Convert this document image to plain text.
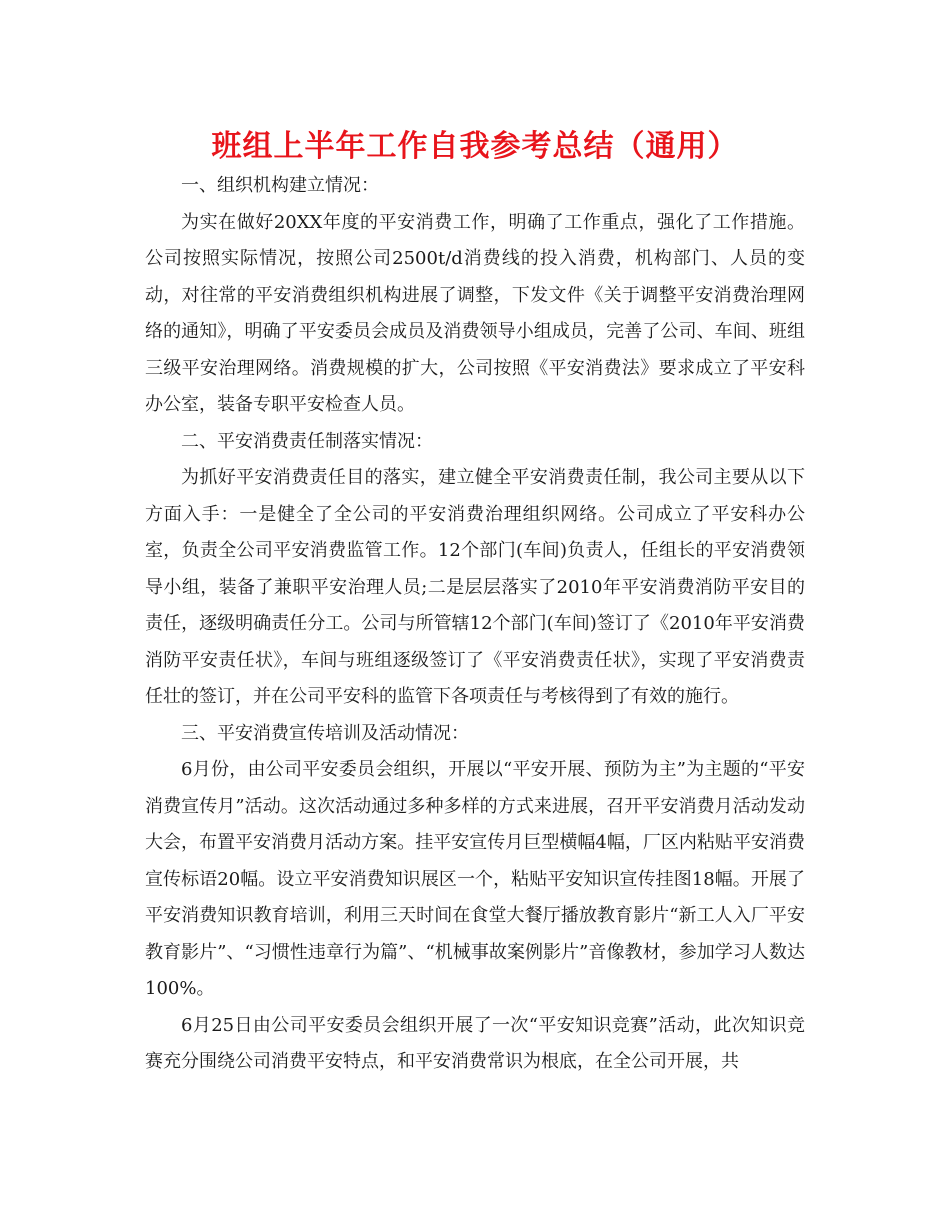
班组上半年工作自我参考总结（通用）

一、组织机构建立情况：

为实在做好20XX年度的平安消费工作，明确了工作重点，强化了工作措施。公司按照实际情况，按照公司2500t/d消费线的投入消费，机构部门、人员的变动，对往常的平安消费组织机构进展了调整，下发文件《关于调整平安消费治理网络的通知》，明确了平安委员会成员及消费领导小组成员，完善了公司、车间、班组三级平安治理网络。消费规模的扩大，公司按照《平安消费法》要求成立了平安科办公室，装备专职平安检查人员。

二、平安消费责任制落实情况：

为抓好平安消费责任目的落实，建立健全平安消费责任制，我公司主要从以下方面入手：一是健全了全公司的平安消费治理组织网络。公司成立了平安科办公室，负责全公司平安消费监管工作。12个部门(车间)负责人，任组长的平安消费领导小组，装备了兼职平安治理人员;二是层层落实了2010年平安消费消防平安目的责任，逐级明确责任分工。公司与所管辖12个部门(车间)签订了《2010年平安消费消防平安责任状》，车间与班组逐级签订了《平安消费责任状》，实现了平安消费责任壮的签订，并在公司平安科的监管下各项责任与考核得到了有效的施行。

三、平安消费宣传培训及活动情况：

6月份，由公司平安委员会组织，开展以“平安开展、预防为主”为主题的“平安消费宣传月”活动。这次活动通过多种多样的方式来进展，召开平安消费月活动发动大会，布置平安消费月活动方案。挂平安宣传月巨型横幅4幅，厂区内粘贴平安消费宣传标语20幅。设立平安消费知识展区一个，粘贴平安知识宣传挂图18幅。开展了平安消费知识教育培训，利用三天时间在食堂大餐厅播放教育影片“新工人入厂平安教育影片”、“习惯性违章行为篇”、“机械事故案例影片”音像教材，参加学习人数达100%。

6月25日由公司平安委员会组织开展了一次“平安知识竞赛”活动，此次知识竞赛充分围绕公司消费平安特点，和平安消费常识为根底，在全公司开展，共
